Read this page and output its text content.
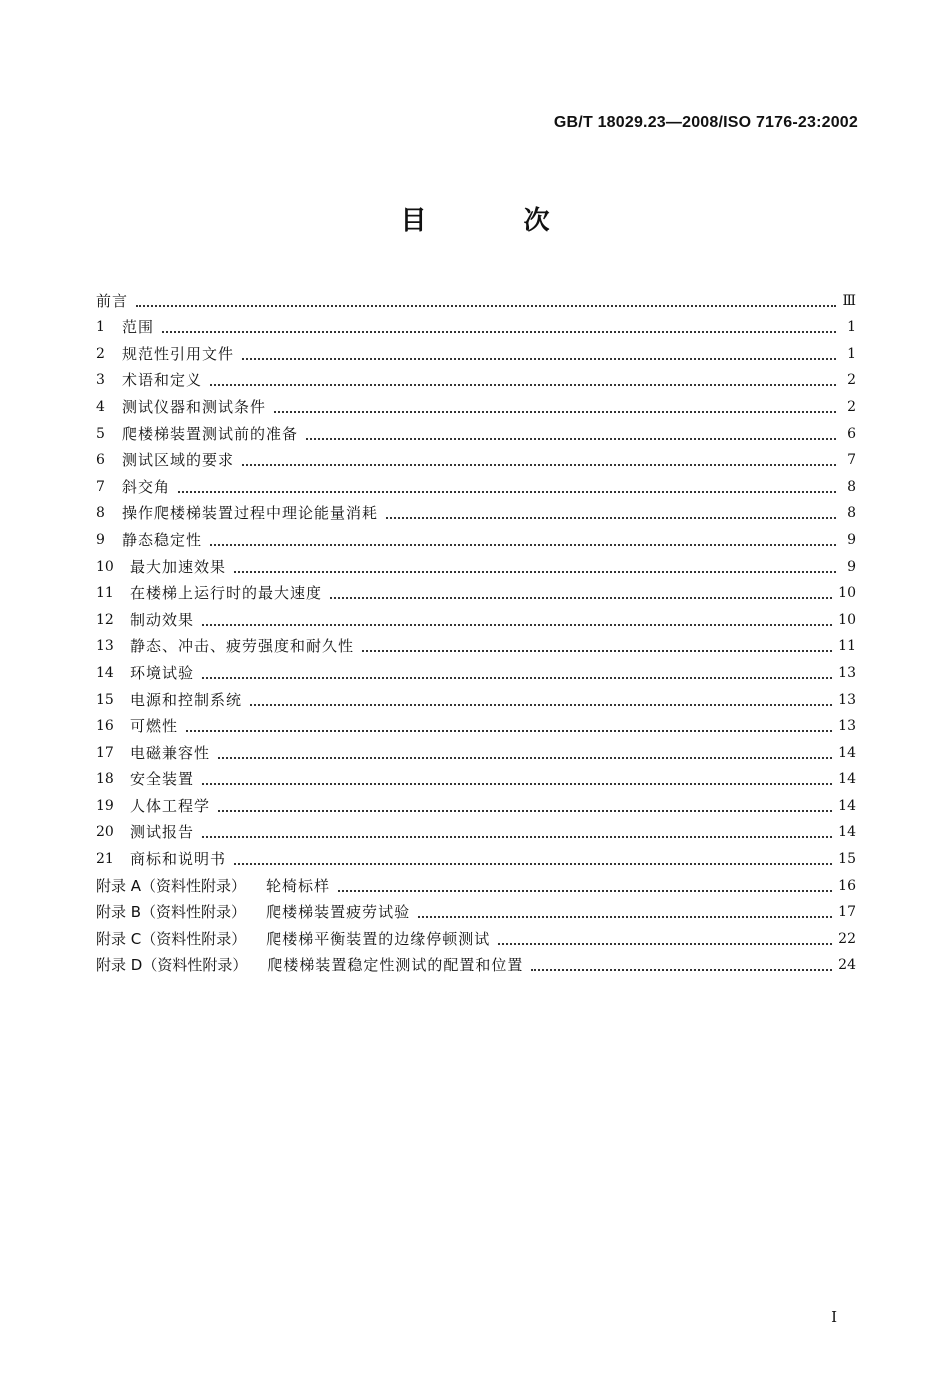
GB/T 18029.23—2008/ISO 7176-23:2002
目 次
前言	Ⅲ
1	范围	1
2	规范性引用文件	1
3	术语和定义	2
4	测试仪器和测试条件	2
5	爬楼梯装置测试前的准备	6
6	测试区域的要求	7
7	斜交角	8
8	操作爬楼梯装置过程中理论能量消耗	8
9	静态稳定性	9
10	最大加速效果	9
11	在楼梯上运行时的最大速度	10
12	制动效果	10
13	静态、冲击、疲劳强度和耐久性	11
14	环境试验	13
15	电源和控制系统	13
16	可燃性	13
17	电磁兼容性	14
18	安全装置	14
19	人体工程学	14
20	测试报告	14
21	商标和说明书	15
附录 A（资料性附录） 轮椅标样	16
附录 B（资料性附录） 爬楼梯装置疲劳试验	17
附录 C（资料性附录） 爬楼梯平衡装置的边缘停顿测试	22
附录 D（资料性附录） 爬楼梯装置稳定性测试的配置和位置	24
I
